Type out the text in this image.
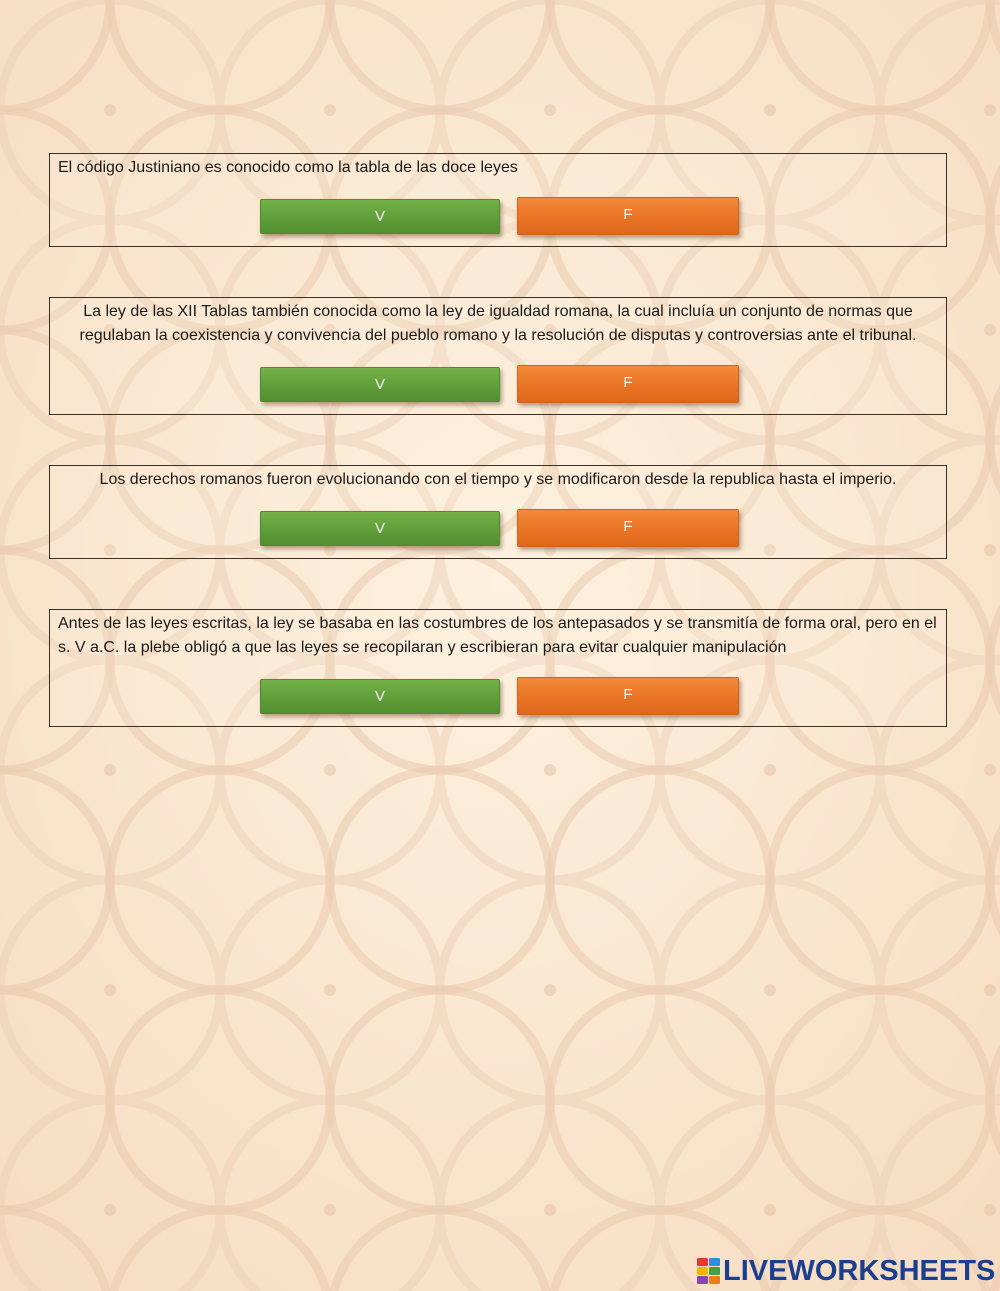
El código Justiniano es conocido como la tabla de las doce leyes
V	F
La ley de las XII Tablas también conocida como la ley de igualdad romana, la cual incluía un conjunto de normas que regulaban la coexistencia y convivencia del pueblo romano y la resolución de disputas y controversias ante el tribunal.
V	F
Los derechos romanos fueron evolucionando con el tiempo y se modificaron desde la republica hasta el imperio.
V	F
Antes de las leyes escritas, la ley se basaba en las costumbres de los antepasados y se transmitía de forma oral, pero en el s. V a.C. la plebe obligó a que las leyes se recopilaran y escribieran para evitar cualquier manipulación
V	F
LIVEWORKSHEETS
